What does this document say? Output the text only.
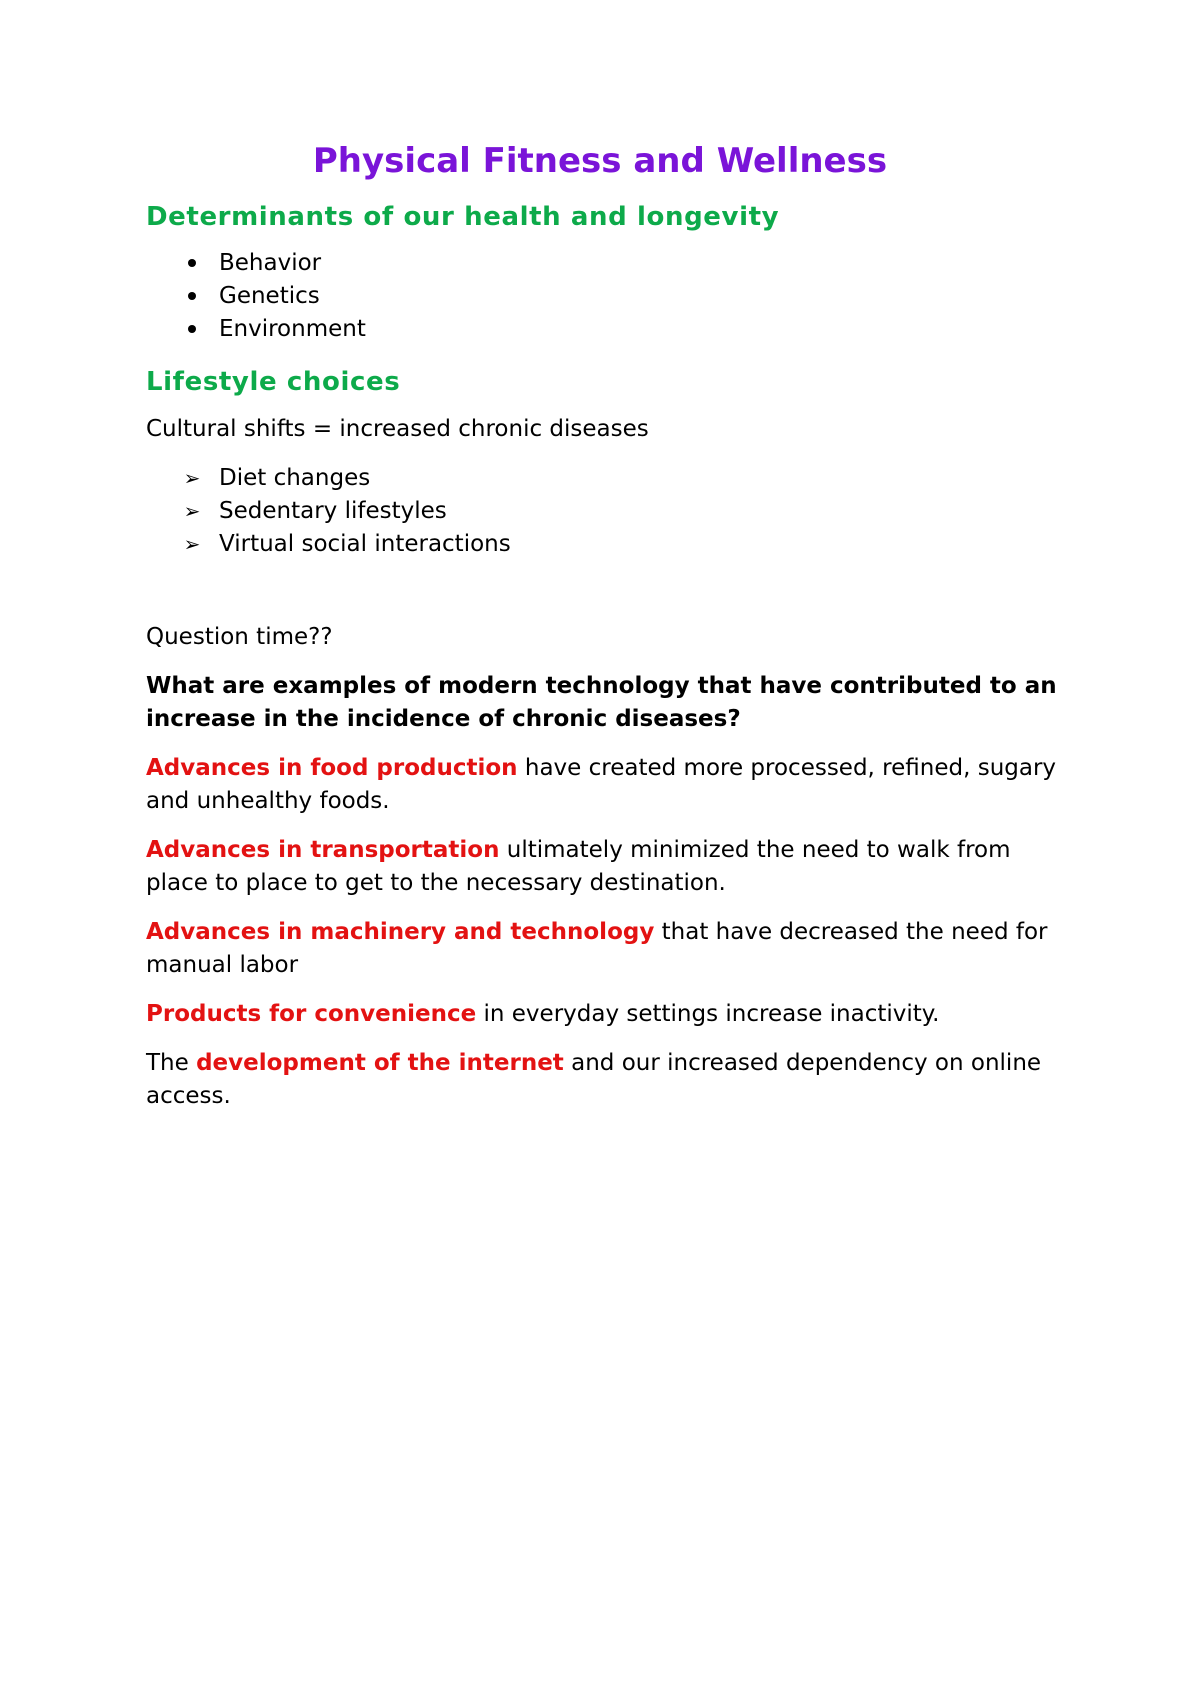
Physical Fitness and Wellness
Determinants of our health and longevity
Behavior
Genetics
Environment
Lifestyle choices

Cultural shifts = increased chronic diseases

➢ Diet changes
➢ Sedentary lifestyles
➢ Virtual social interactions

Question time??

What are examples of modern technology that have contributed to an increase in the incidence of chronic diseases?

Advances in food production have created more processed, refined, sugary and unhealthy foods.

Advances in transportation ultimately minimized the need to walk from place to place to get to the necessary destination.

Advances in machinery and technology that have decreased the need for manual labor

Products for convenience in everyday settings increase inactivity.

The development of the internet and our increased dependency on online access.
